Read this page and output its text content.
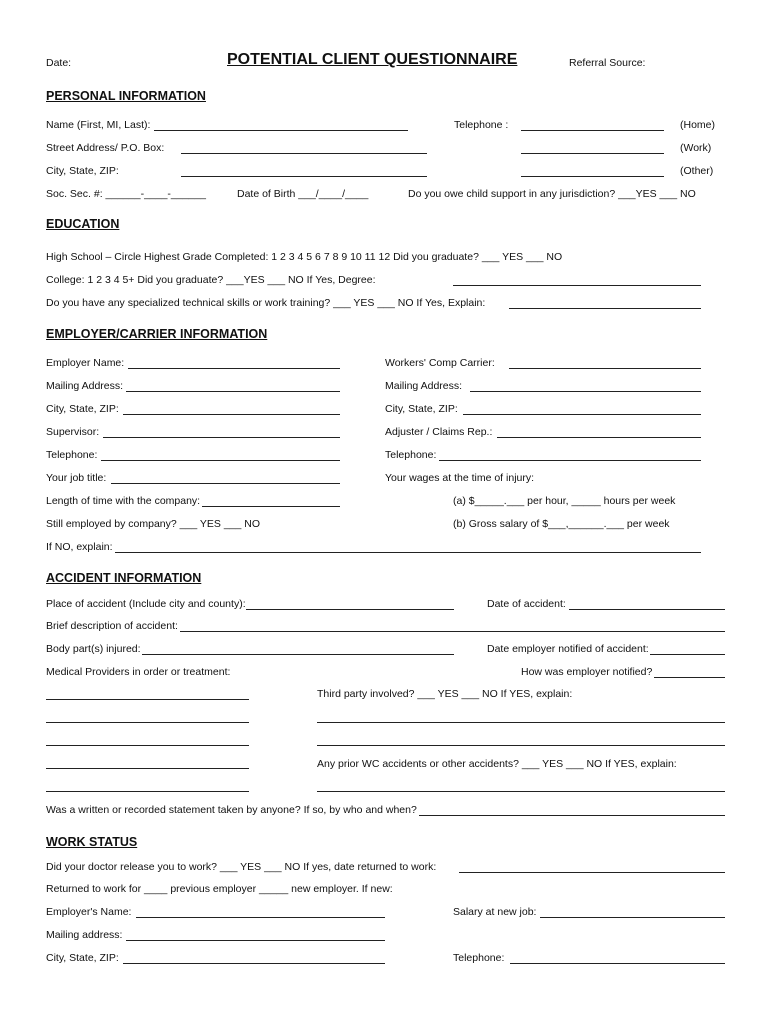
Date:	POTENTIAL CLIENT QUESTIONNAIRE	Referral Source:
PERSONAL INFORMATION
Name (First, MI, Last):	Telephone :	(Home)
Street Address/ P.O. Box:	(Work)
City, State, ZIP:	(Other)
Soc. Sec. #: ______-____-______	Date of Birth ___/____/____	Do you owe child support in any jurisdiction? ___YES ___ NO
EDUCATION
High School – Circle Highest Grade Completed: 1 2 3 4 5 6 7 8 9 10 11 12 Did you graduate? ___ YES ___ NO
College: 1 2 3 4 5+ Did you graduate? ___YES ___ NO If Yes, Degree:
Do you have any specialized technical skills or work training? ___ YES ___ NO If Yes, Explain:
EMPLOYER/CARRIER INFORMATION
Employer Name:	Workers' Comp Carrier:
Mailing Address:	Mailing Address:
City, State, ZIP:	City, State, ZIP:
Supervisor:	Adjuster / Claims Rep.:
Telephone:	Telephone:
Your job title:	Your wages at the time of injury:
Length of time with the company:	(a) $_____.___ per hour, _____ hours per week
Still employed by company? ___ YES ___ NO	(b) Gross salary of $___,______.___ per week
If NO, explain:
ACCIDENT INFORMATION
Place of accident (Include city and county):	Date of accident:
Brief description of accident:
Body part(s) injured:	Date employer notified of accident:
Medical Providers in order or treatment:	How was employer notified?
Third party involved? ___ YES ___ NO If YES, explain:
Any prior WC accidents or other accidents? ___ YES ___ NO If YES, explain:
Was a written or recorded statement taken by anyone? If so, by who and when?
WORK STATUS
Did your doctor release you to work? ___ YES ___ NO If yes, date returned to work:
Returned to work for ____ previous employer _____ new employer. If new:
Employer's Name:	Salary at new job:
Mailing address:
City, State, ZIP:	Telephone:
